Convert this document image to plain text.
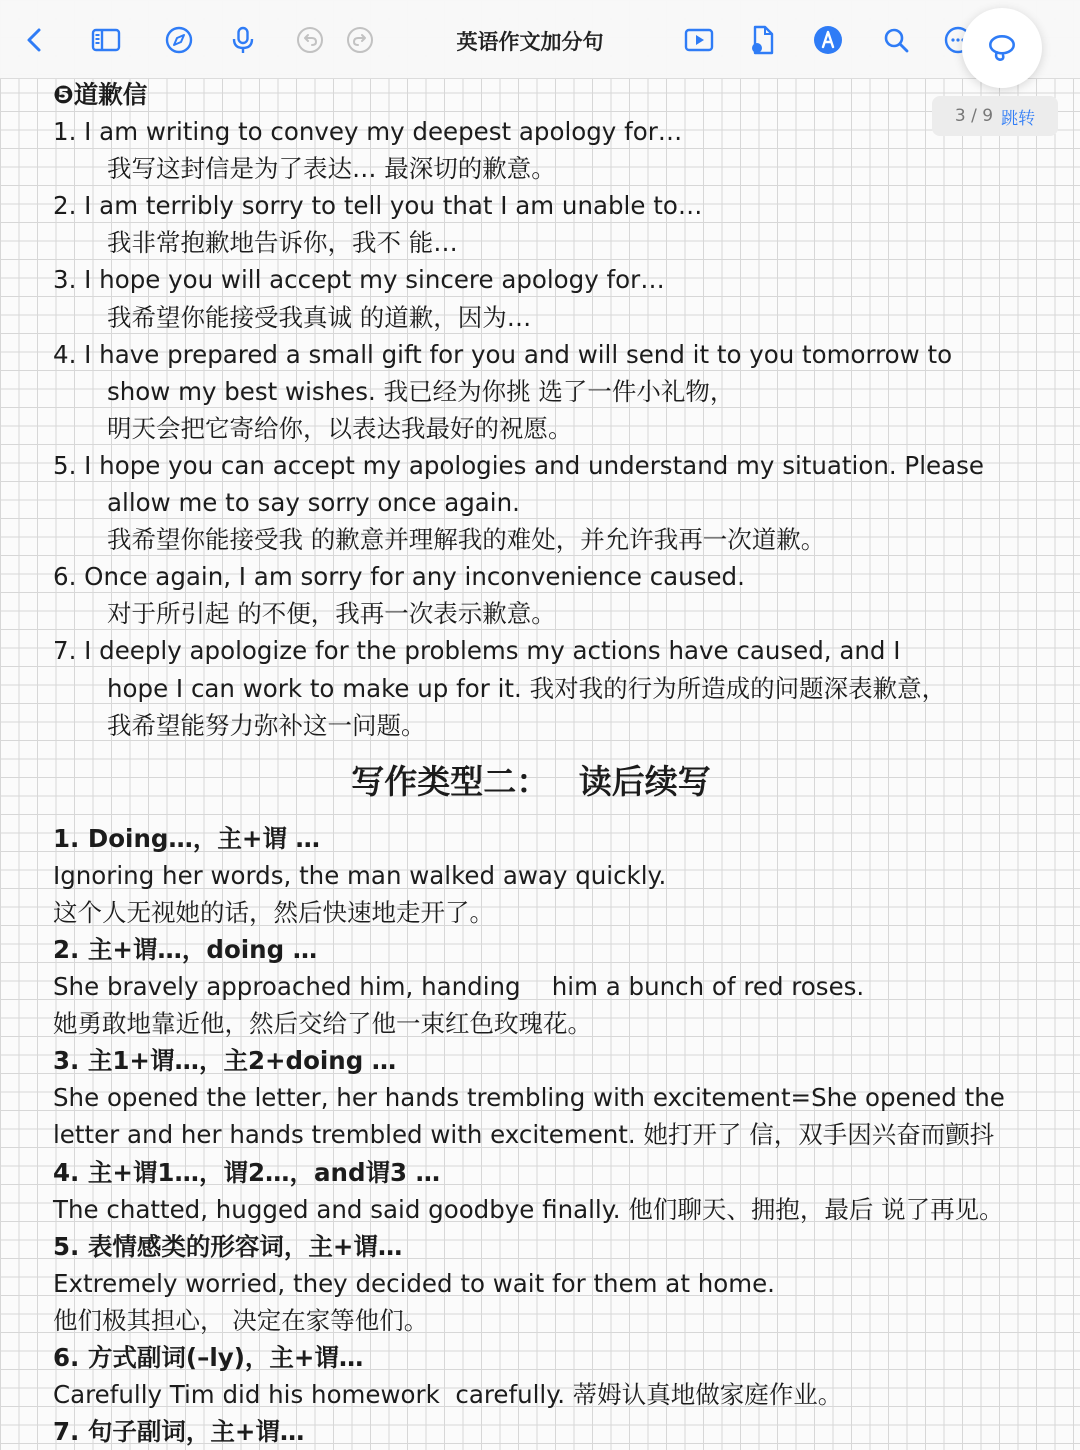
英语作文加分句
3 / 9 跳转
❺道歉信
1. I am writing to convey my deepest apology for…
我写这封信是为了表达… 最深切的歉意。
2. I am terribly sorry to tell you that I am unable to…
我非常抱歉地告诉你，我不 能…
3. I hope you will accept my sincere apology for…
我希望你能接受我真诚 的道歉，因为…
4. I have prepared a small gift for you and will send it to you tomorrow to
show my best wishes. 我已经为你挑 选了一件小礼物，
明天会把它寄给你，以表达我最好的祝愿。
5. I hope you can accept my apologies and understand my situation. Please
allow me to say sorry once again.
我希望你能接受我 的歉意并理解我的难处，并允许我再一次道歉。
6. Once again, I am sorry for any inconvenience caused.
对于所引起 的不便，我再一次表示歉意。
7. I deeply apologize for the problems my actions have caused, and I
hope I can work to make up for it. 我对我的行为所造成的问题深表歉意，
我希望能努力弥补这一问题。
写作类型二： 读后续写
1. Doing…，主+谓 …
Ignoring her words, the man walked away quickly.
这个人无视她的话，然后快速地走开了。
2. 主+谓…，doing …
She bravely approached him, handing    him a bunch of red roses.
她勇敢地靠近他，然后交给了他一束红色玫瑰花。
3. 主1+谓…，主2+doing …
She opened the letter, her hands trembling with excitement=She opened the
letter and her hands trembled with excitement. 她打开了 信，双手因兴奋而颤抖
4. 主+谓1…，谓2…，and谓3 …
The chatted, hugged and said goodbye finally. 他们聊天、拥抱，最后 说了再见。
5. 表情感类的形容词，主+谓…
Extremely worried, they decided to wait for them at home.
他们极其担心， 决定在家等他们。
6. 方式副词(–ly)，主+谓…
Carefully Tim did his homework  carefully. 蒂姆认真地做家庭作业。
7. 句子副词，主+谓…
